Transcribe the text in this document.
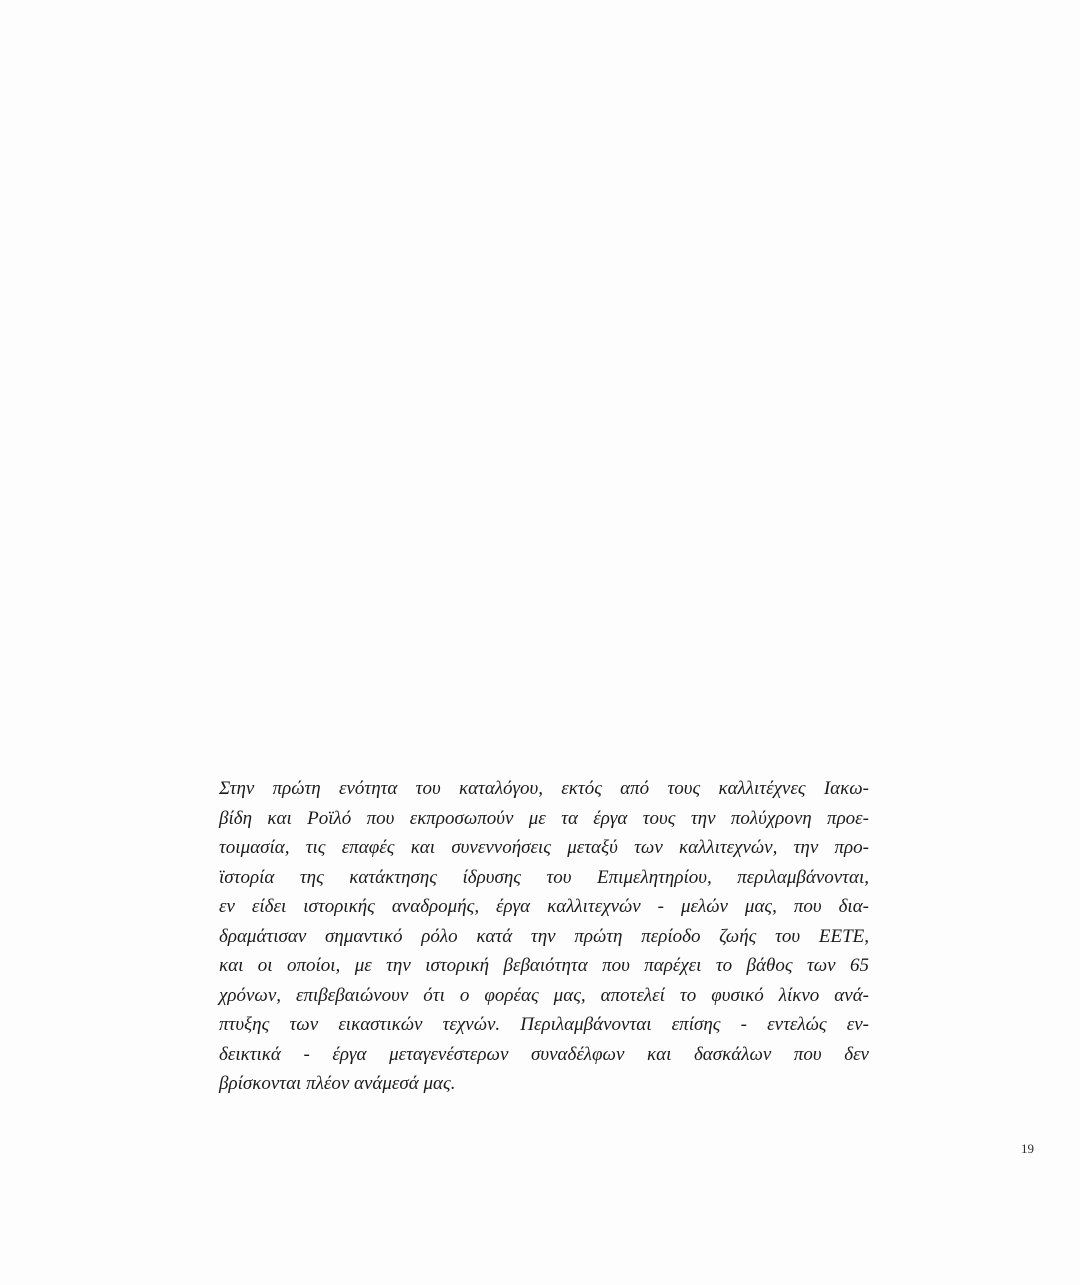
Στην πρώτη ενότητα του καταλόγου, εκτός από τους καλλιτέχνες Ιακω-
βίδη και Ροϊλό που εκπροσωπούν με τα έργα τους την πολύχρονη προε-
τοιμασία, τις επαφές και συνεννοήσεις μεταξύ των καλλιτεχνών, την προ-
ϊστορία της κατάκτησης ίδρυσης του Επιμελητηρίου, περιλαμβάνονται,
εν είδει ιστορικής αναδρομής, έργα καλλιτεχνών - μελών μας, που δια-
δραμάτισαν σημαντικό ρόλο κατά την πρώτη περίοδο ζωής του ΕΕΤΕ,
και οι οποίοι, με την ιστορική βεβαιότητα που παρέχει το βάθος των 65
χρόνων, επιβεβαιώνουν ότι ο φορέας μας, αποτελεί το φυσικό λίκνο ανά-
πτυξης των εικαστικών τεχνών. Περιλαμβάνονται επίσης - εντελώς εν-
δεικτικά - έργα μεταγενέστερων συναδέλφων και δασκάλων που δεν
βρίσκονται πλέον ανάμεσά μας.

19
